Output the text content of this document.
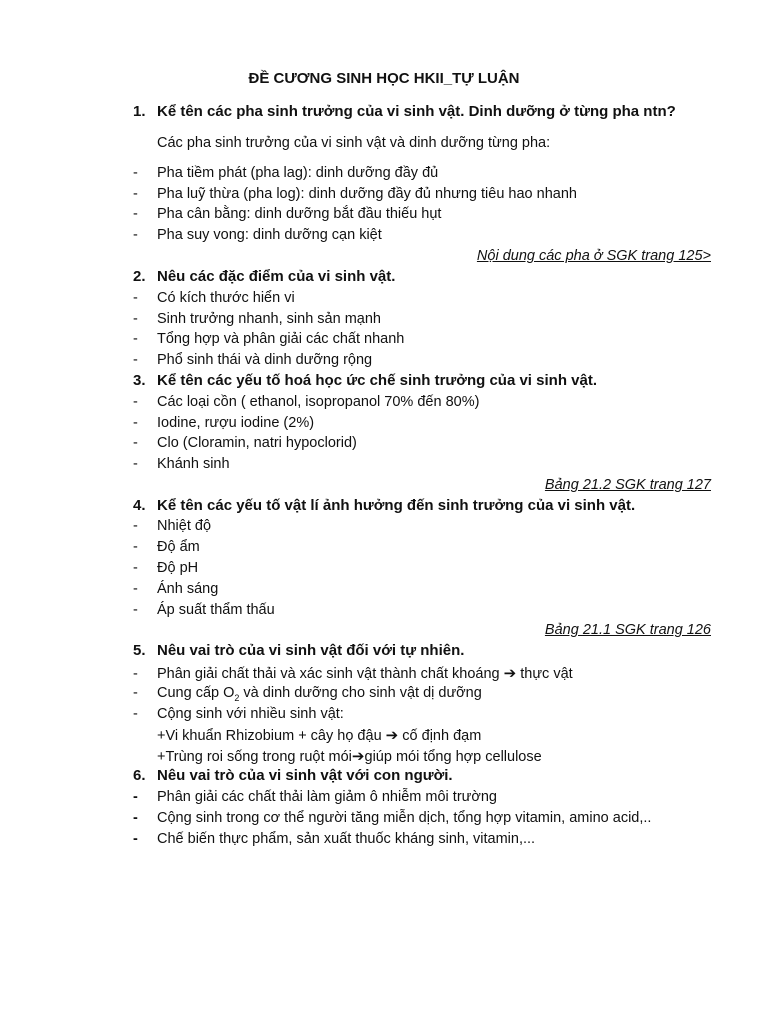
ĐỀ CƯƠNG SINH HỌC HKII_TỰ LUẬN
1. Kể tên các pha sinh trưởng của vi sinh vật. Dinh dưỡng ở từng pha ntn?
Các pha sinh trưởng của vi sinh vật và dinh dưỡng từng pha:
- Pha tiềm phát (pha lag): dinh dưỡng đầy đủ
- Pha luỹ thừa (pha log): dinh dưỡng đầy đủ nhưng tiêu hao nhanh
- Pha cân bằng: dinh dưỡng bắt đầu thiếu hụt
- Pha suy vong: dinh dưỡng cạn kiệt
Nội dung các pha ở SGK trang 125>
2. Nêu các đặc điểm của vi sinh vật.
- Có kích thước hiển vi
- Sinh trưởng nhanh, sinh sản mạnh
- Tổng hợp và phân giải các chất nhanh
- Phổ sinh thái và dinh dưỡng rộng
3. Kể tên các yếu tố hoá học ức chế sinh trưởng của vi sinh vật.
- Các loại cồn ( ethanol, isopropanol 70% đến 80%)
- Iodine, rượu iodine (2%)
- Clo (Cloramin, natri hypoclorid)
- Khánh sinh
Bảng 21.2 SGK trang 127
4. Kể tên các yếu tố vật lí ảnh hưởng đến sinh trưởng của vi sinh vật.
- Nhiệt độ
- Độ ẩm
- Độ pH
- Ánh sáng
- Áp suất thẩm thấu
Bảng 21.1 SGK trang 126
5. Nêu vai trò của vi sinh vật đối với tự nhiên.
- Phân giải chất thải và xác sinh vật thành chất khoáng ➔ thực vật
- Cung cấp $O_2$ và dinh dưỡng cho sinh vật dị dưỡng
- Cộng sinh với nhiều sinh vật:
+Vi khuẩn Rhizobium + cây họ đậu ➔ cố định đạm
+Trùng roi sống trong ruột mói➔giúp mói tổng hợp cellulose
6. Nêu vai trò của vi sinh vật với con người.
- Phân giải các chất thải làm giảm ô nhiễm môi trường
- Cộng sinh trong cơ thể người tăng miễn dịch, tổng hợp vitamin, amino acid,..
- Chế biến thực phẩm, sản xuất thuốc kháng sinh, vitamin,...
